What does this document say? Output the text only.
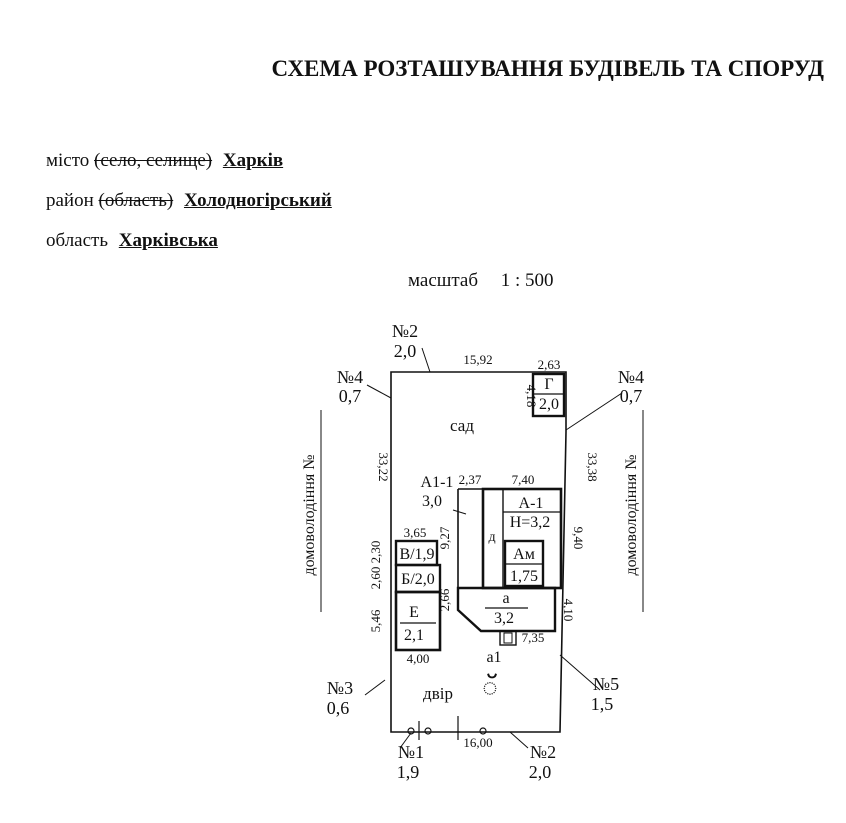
СХЕМА РОЗТАШУВАННЯ БУДІВЕЛЬ ТА СПОРУД
місто (село, селище) Харків
район (область) Холодногірський
область Харківська
масштаб 1 : 500
№2
2,0
№4
0,7
№4
0,7
№3
0,6
№5
1,5
№1
1,9
№2
2,0
15,92
16,00
2,63
4,18
33,22	33,38
2,37 7,40
9,27	9,40
3,65
2,30
2,60
5,46
4,00
2,66	4,10
7,35
Г
2,0
А1-1
3,0	А-1
Н=3,2
Ам
1,75
В/1,9
Б/2,0
Е
2,1
а
3,2
а1
сад
двір
д
ॅ
домоволодіння №	домоволодіння №
